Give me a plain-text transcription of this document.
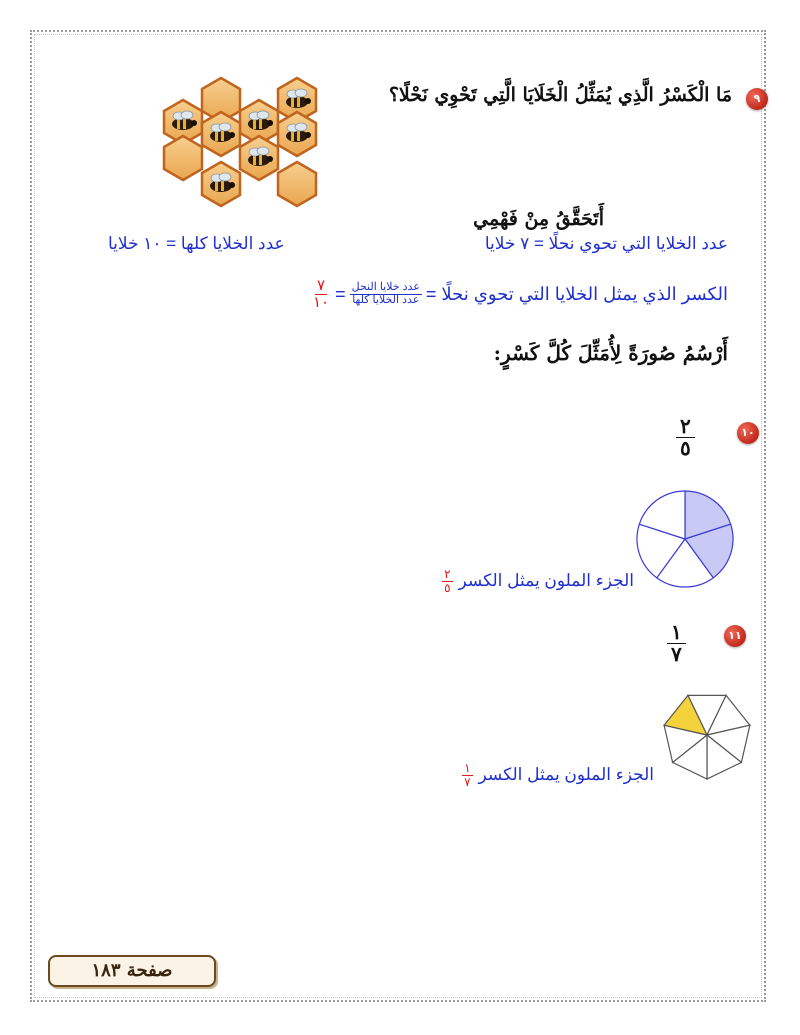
٩
مَا الْكَسْرُ الَّذِي يُمَثِّلُ الْخَلَايَا الَّتِي تَحْوِي نَحْلًا؟
أَتَحَقَّقُ مِنْ فَهْمِي
عدد الخلايا التي تحوي نحلًا = ٧ خلايا
عدد الخلايا كلها = ١٠ خلايا
الكسر الذي يمثل الخلايا التي تحوي نحلًا =
$\frac{\text{عدد خلايا النحل}}{\text{عدد الخلايا كلها}}$
=
$\frac{٧}{١٠}$
أَرْسُمُ صُورَةً لِأُمَثِّلَ كُلَّ كَسْرٍ:
١٠
$\frac{٢}{٥}$
الجزء الملون يمثل الكسر
$\frac{٢}{٥}$
١١
$\frac{١}{٧}$
الجزء الملون يمثل الكسر
$\frac{١}{٧}$
صفحة ١٨٣
